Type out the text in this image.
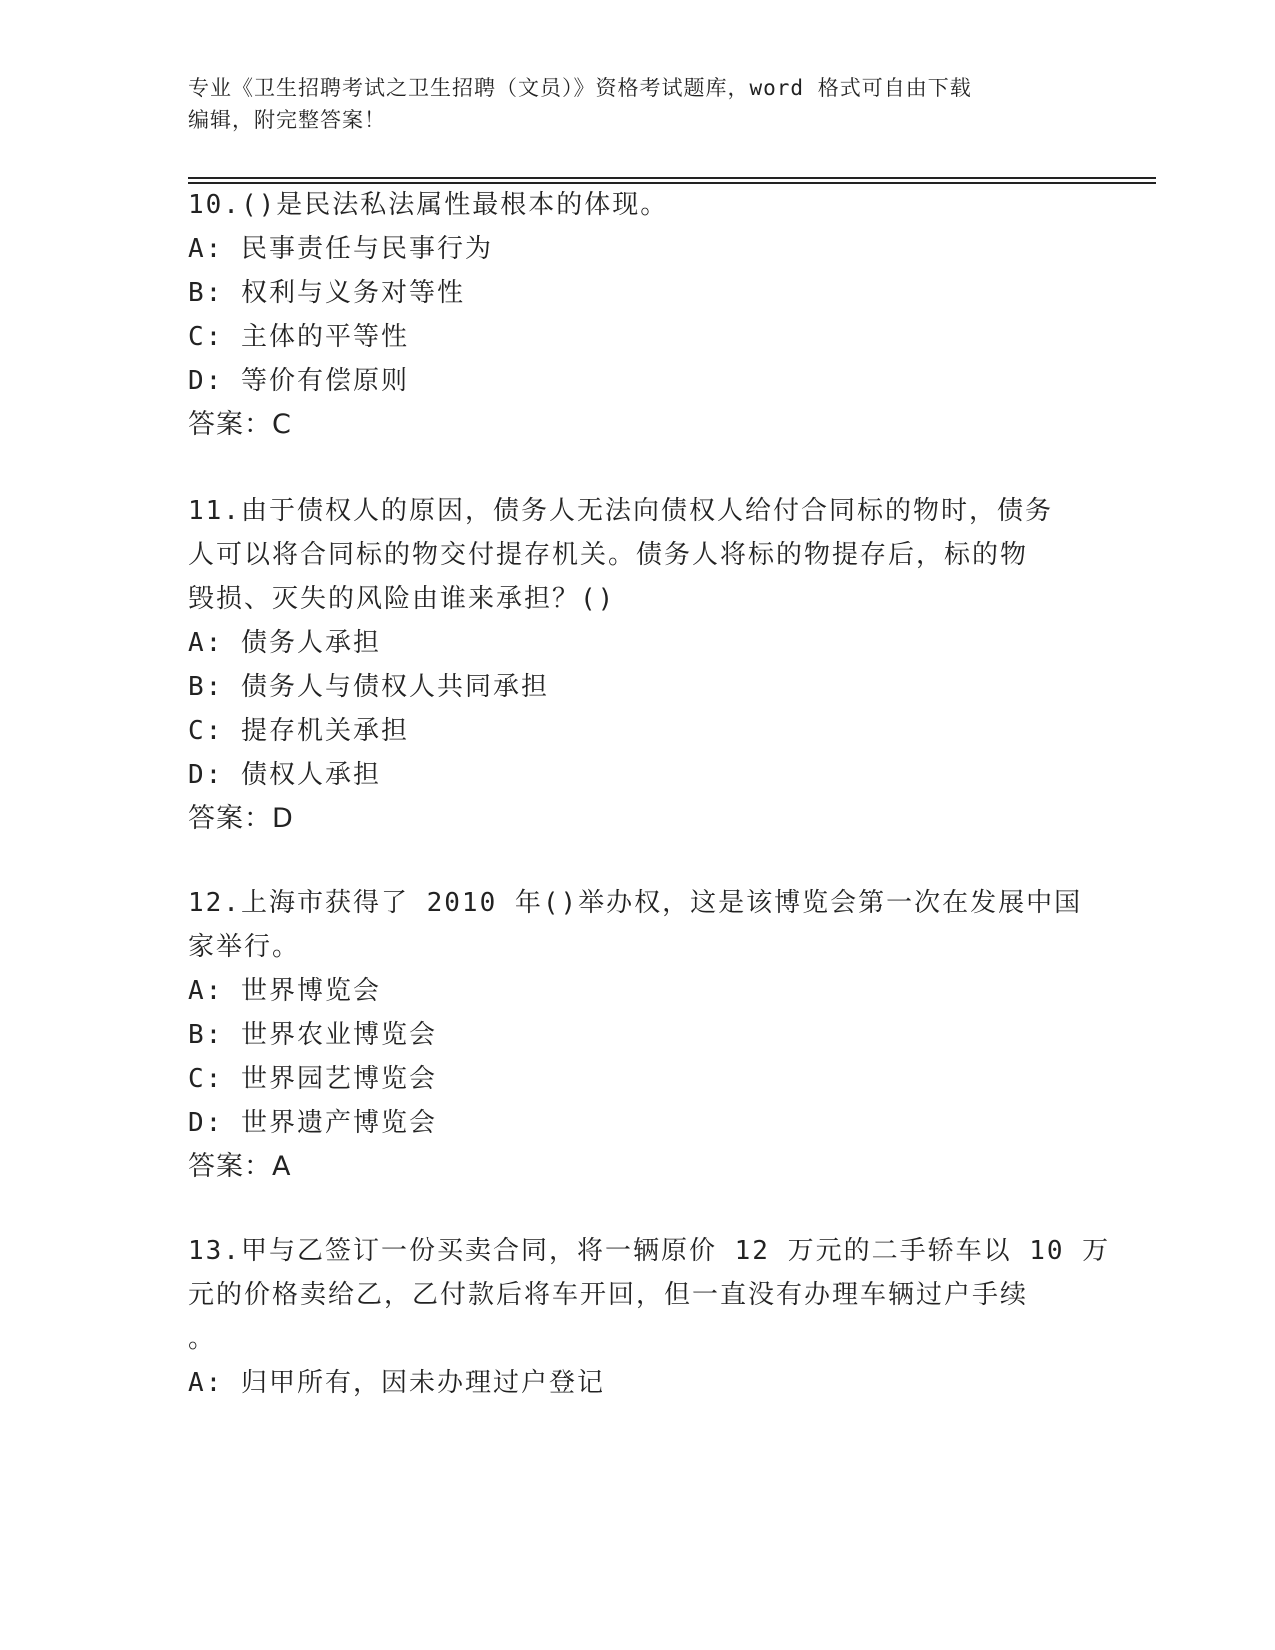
专业《卫生招聘考试之卫生招聘（文员）》资格考试题库，word 格式可自由下载
编辑，附完整答案！
10.()是民法私法属性最根本的体现。
A: 民事责任与民事行为
B: 权利与义务对等性
C: 主体的平等性
D: 等价有偿原则
答案：C
11.由于债权人的原因，债务人无法向债权人给付合同标的物时，债务
人可以将合同标的物交付提存机关。债务人将标的物提存后，标的物
毁损、灭失的风险由谁来承担？()
A: 债务人承担
B: 债务人与债权人共同承担
C: 提存机关承担
D: 债权人承担
答案：D
12.上海市获得了 2010 年()举办权，这是该博览会第一次在发展中国
家举行。
A: 世界博览会
B: 世界农业博览会
C: 世界园艺博览会
D: 世界遗产博览会
答案：A
13.甲与乙签订一份买卖合同，将一辆原价 12 万元的二手轿车以 10 万
元的价格卖给乙，乙付款后将车开回，但一直没有办理车辆过户手续
。
A: 归甲所有，因未办理过户登记
